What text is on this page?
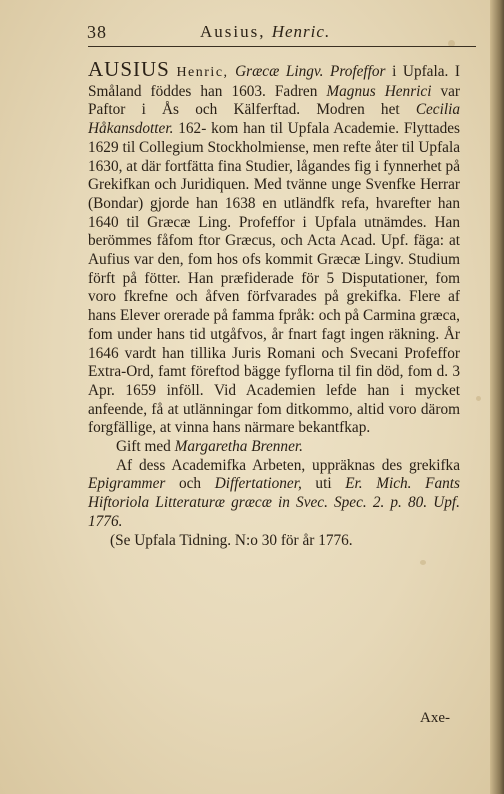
38	Ausius, Henric.

AUSIUS Henric, Græcæ Lingv. Profeffor i Upfala. I Småland föddes han 1603. Fadren Magnus Henrici var Paftor i Ås och Kälferftad. Modren het Cecilia Håkansdotter. 162- kom han til Upfala Academie. Flyttades 1629 til Collegium Stockholmiense, men refte åter til Upfala 1630, at där fortfätta fina Studier, lågandes fig i fynnerhet på Grekifkan och Juridiquen. Med tvänne unge Svenfke Herrar (Bondar) gjorde han 1638 en utländfk refa, hvarefter han 1640 til Græcæ Ling. Profeffor i Upfala utnämdes. Han berömmes fåfom ftor Græcus, och Acta Acad. Upf. fäga: at Aufius var den, fom hos ofs kommit Græcæ Lingv. Studium förft på fötter. Han præfiderade för 5 Disputationer, fom voro fkrefne och åfven förfvarades på grekifka. Flere af hans Elever orerade på famma fpråk: och på Carmina græca, fom under hans tid utgåfvos, år fnart fagt ingen räkning. År 1646 vardt han tillika Juris Romani och Svecani Profeffor Extra-Ord, famt föreftod bägge fyflorna til fin död, fom d. 3 Apr. 1659 inföll. Vid Academien lefde han i mycket anfeende, få at utlänningar fom ditkommo, altid voro därom forgfällige, at vinna hans närmare bekantfkap.

Gift med Margaretha Brenner.

Af dess Academifka Arbeten, uppräknas des grekifka Epigrammer och Differtationer, uti Er. Mich. Fants Hiftoriola Litteraturæ græcæ in Svec. Spec. 2. p. 80. Upf. 1776.

(Se Upfala Tidning. N:o 30 för år 1776.

Axe-
